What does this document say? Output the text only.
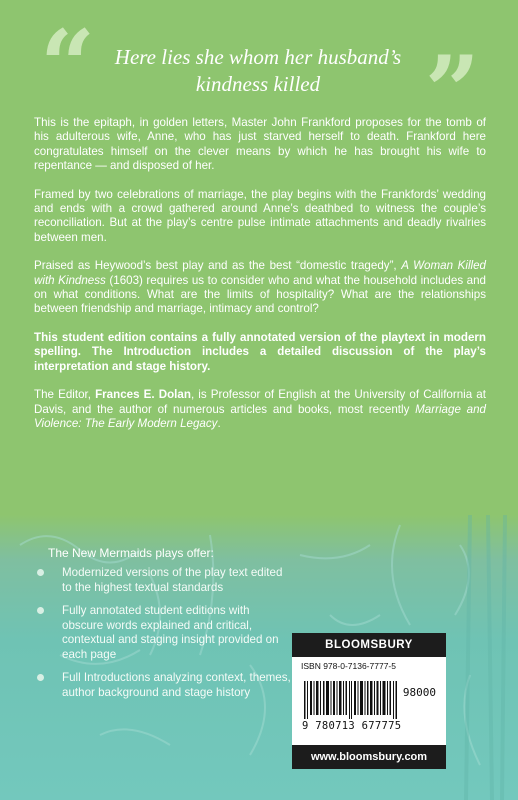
“ Here lies she whom her husband’s
kindness killed	”

This is the epitaph, in golden letters, Master John Frankford proposes for the tomb of his adulterous wife, Anne, who has just starved herself to death. Frankford here congratulates himself on the clever means by which he has brought his wife to repentance — and disposed of her.

Framed by two celebrations of marriage, the play begins with the Frankfords’ wedding and ends with a crowd gathered around Anne’s deathbed to witness the couple’s reconciliation. But at the play’s centre pulse intimate attachments and deadly rivalries between men.

Praised as Heywood’s best play and as the best “domestic tragedy”, A Woman Killed with Kindness (1603) requires us to consider who and what the household includes and on what conditions. What are the limits of hospitality? What are the relationships between friendship and marriage, intimacy and control?

This student edition contains a fully annotated version of the playtext in modern spelling. The Introduction includes a detailed discussion of the play’s interpretation and stage history.

The Editor, Frances E. Dolan, is Professor of English at the University of California at Davis, and the author of numerous articles and books, most recently Marriage and Violence: The Early Modern Legacy.

The New Mermaids plays offer:
Modernized versions of the play text edited to the highest textual standards
Fully annotated student editions with obscure words explained and critical, contextual and staging insight provided on each page
Full Introductions analyzing context, themes, author background and stage history
BLOOMSBURY
ISBN 978-0-7136-7777-5
98000
9 780713 677775
www.bloomsbury.com
